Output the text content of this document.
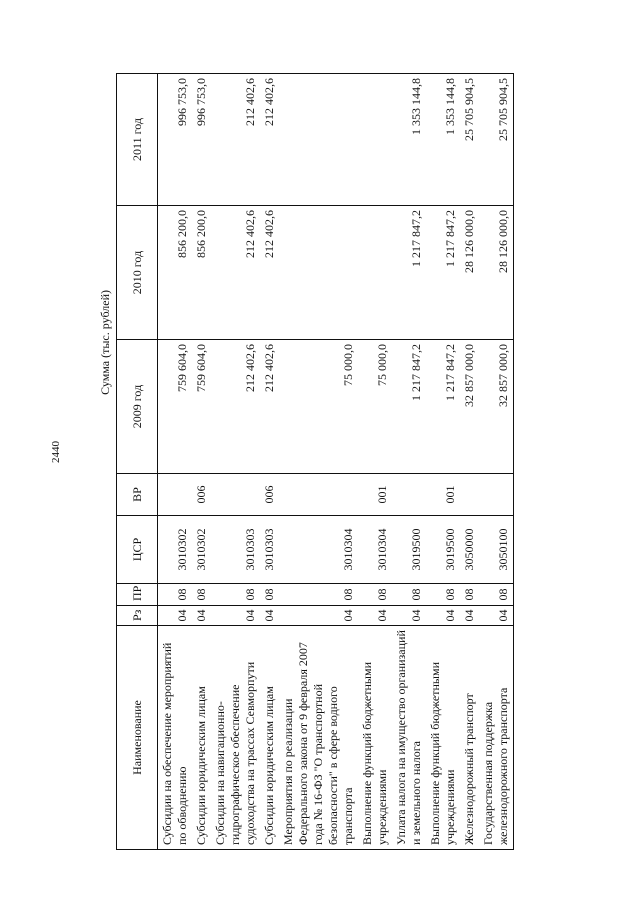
2440
Сумма (тыс. рублей)
Наименование	Рз	ПР	ЦСР	ВР	2009 год	2010 год	2011 год
Субсидии на обеспечение мероприятий по обводнению	04	08	3010302		759 604,0	856 200,0	996 753,0
Субсидии юридическим лицам	04	08	3010302	006	759 604,0	856 200,0	996 753,0
Субсидии на навигационно-гидрографическое обеспечение судоходства на трассах Севморпути	04	08	3010303		212 402,6	212 402,6	212 402,6
Субсидии юридическим лицам	04	08	3010303	006	212 402,6	212 402,6	212 402,6
Мероприятия по реализации Федерального закона от 9 февраля 2007 года № 16-ФЗ "О транспортной безопасности" в сфере водного транспорта	04	08	3010304		75 000,0		
Выполнение функций бюджетными учреждениями	04	08	3010304	001	75 000,0		
Уплата налога на имущество организаций и земельного налога	04	08	3019500		1 217 847,2	1 217 847,2	1 353 144,8
Выполнение функций бюджетными учреждениями	04	08	3019500	001	1 217 847,2	1 217 847,2	1 353 144,8
Железнодорожный транспорт	04	08	3050000		32 857 000,0	28 126 000,0	25 705 904,5
Государственная поддержка железнодорожного транспорта	04	08	3050100		32 857 000,0	28 126 000,0	25 705 904,5
